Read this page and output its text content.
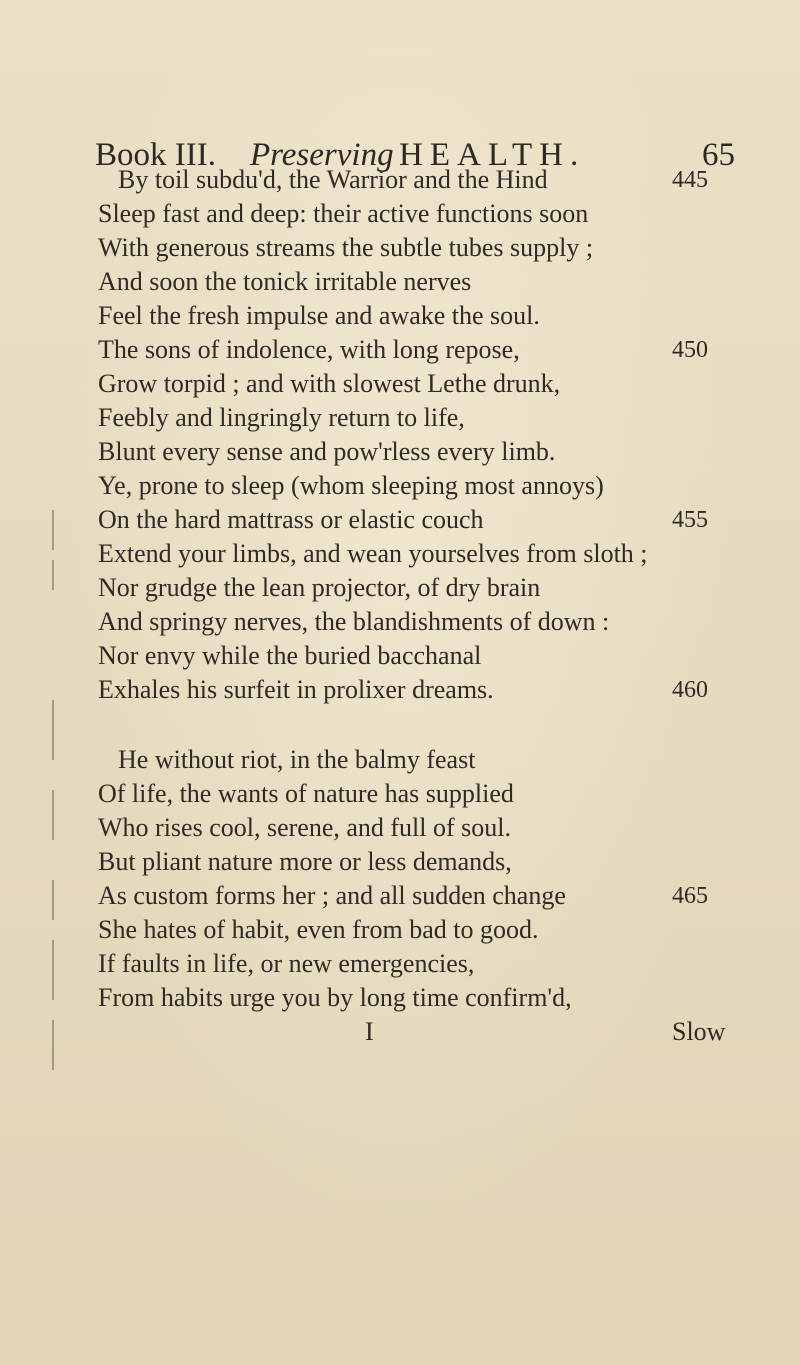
Book III. Preserving HEALTH.	65
By toil subdu'd, the Warrior and the Hind	445
Sleep fast and deep: their active functions soon
With generous streams the subtle tubes supply ;
And soon the tonick irritable nerves
Feel the fresh impulse and awake the soul.
The sons of indolence, with long repose,	450
Grow torpid ; and with slowest Lethe drunk,
Feebly and lingringly return to life,
Blunt every sense and pow'rless every limb.
Ye, prone to sleep (whom sleeping most annoys)
On the hard mattrass or elastic couch	455
Extend your limbs, and wean yourselves from sloth ;
Nor grudge the lean projector, of dry brain
And springy nerves, the blandishments of down :
Nor envy while the buried bacchanal
Exhales his surfeit in prolixer dreams.	460
He without riot, in the balmy feast
Of life, the wants of nature has supplied
Who rises cool, serene, and full of soul.
But pliant nature more or less demands,
As custom forms her ; and all sudden change	465
She hates of habit, even from bad to good.
If faults in life, or new emergencies,
From habits urge you by long time confirm'd,
I	Slow
